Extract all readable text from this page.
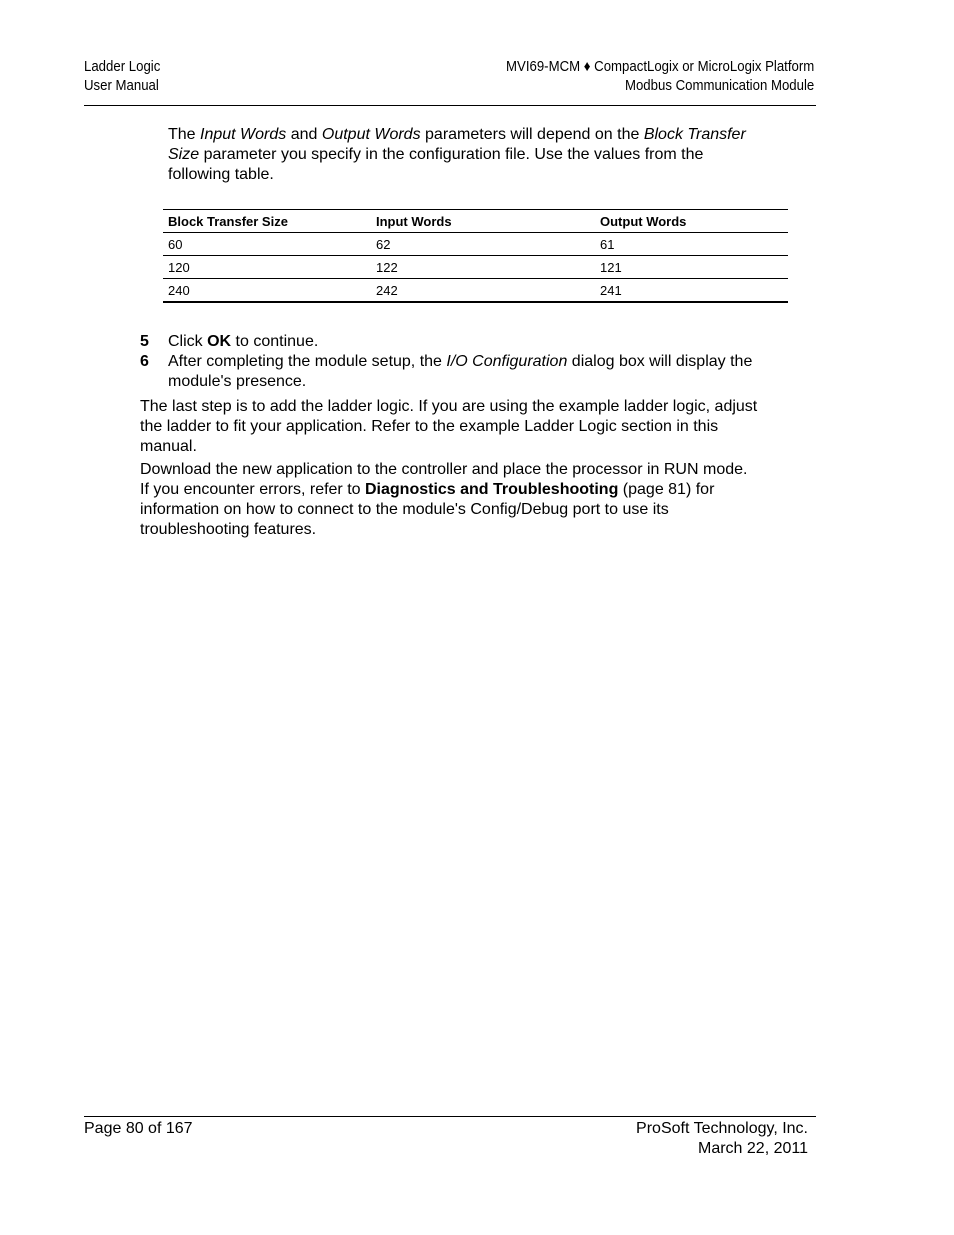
Ladder Logic
User Manual
MVI69-MCM ♦ CompactLogix or MicroLogix Platform
Modbus Communication Module

The Input Words and Output Words parameters will depend on the Block Transfer Size parameter you specify in the configuration file. Use the values from the following table.

Block Transfer Size	Input Words	Output Words
60	62	61
120	122	121
240	242	241
5	Click OK to continue.
6	After completing the module setup, the I/O Configuration dialog box will display the module's presence.

The last step is to add the ladder logic. If you are using the example ladder logic, adjust the ladder to fit your application. Refer to the example Ladder Logic section in this manual.

Download the new application to the controller and place the processor in RUN mode. If you encounter errors, refer to Diagnostics and Troubleshooting (page 81) for information on how to connect to the module's Config/Debug port to use its troubleshooting features.

Page 80 of 167	ProSoft Technology, Inc.
March 22, 2011
